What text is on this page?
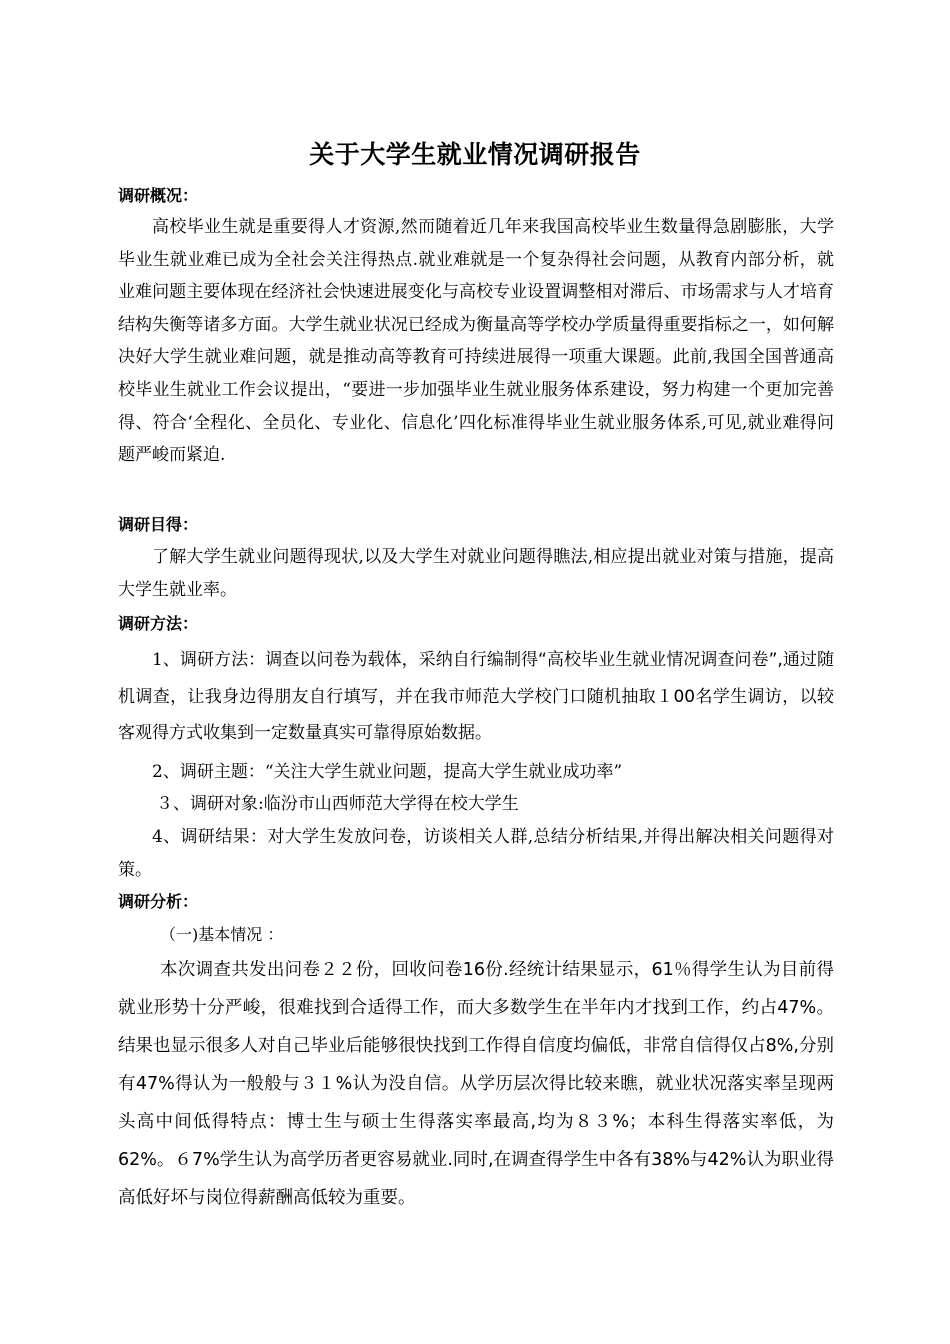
关于大学生就业情况调研报告
调研概况：

高校毕业生就是重要得人才资源,然而随着近几年来我国高校毕业生数量得急剧膨胀，大学毕业生就业难已成为全社会关注得热点.就业难就是一个复杂得社会问题，从教育内部分析，就业难问题主要体现在经济社会快速进展变化与高校专业设置调整相对滞后、市场需求与人才培育结构失衡等诸多方面。大学生就业状况已经成为衡量高等学校办学质量得重要指标之一，如何解决好大学生就业难问题，就是推动高等教育可持续进展得一项重大课题。此前,我国全国普通高校毕业生就业工作会议提出，“要进一步加强毕业生就业服务体系建设，努力构建一个更加完善得、符合‘全程化、全员化、专业化、信息化’四化标准得毕业生就业服务体系,可见,就业难得问题严峻而紧迫.

调研目得：

了解大学生就业问题得现状,以及大学生对就业问题得瞧法,相应提出就业对策与措施，提高大学生就业率。

调研方法：

1、调研方法：调查以问卷为载体，采纳自行编制得“高校毕业生就业情况调查问卷”,通过随机调查，让我身边得朋友自行填写，并在我市师范大学校门口随机抽取１00名学生调访，以较客观得方式收集到一定数量真实可靠得原始数据。

2、调研主题：“关注大学生就业问题，提高大学生就业成功率”
３、调研对象:临汾市山西师范大学得在校大学生

4、调研结果：对大学生发放问卷，访谈相关人群,总结分析结果,并得出解决相关问题得对策。

调研分析：
（一)基本情况 ：

本次调查共发出问卷２２份，回收问卷16份.经统计结果显示，61％得学生认为目前得就业形势十分严峻，很难找到合适得工作，而大多数学生在半年内才找到工作，约占47%。结果也显示很多人对自己毕业后能够很快找到工作得自信度均偏低，非常自信得仅占8%,分别有47%得认为一般般与３１%认为没自信。从学历层次得比较来瞧，就业状况落实率呈现两头高中间低得特点：博士生与硕士生得落实率最高,均为８３%；本科生得落实率低，为62%。６7%学生认为高学历者更容易就业.同时,在调查得学生中各有38%与42%认为职业得高低好坏与岗位得薪酬高低较为重要。
